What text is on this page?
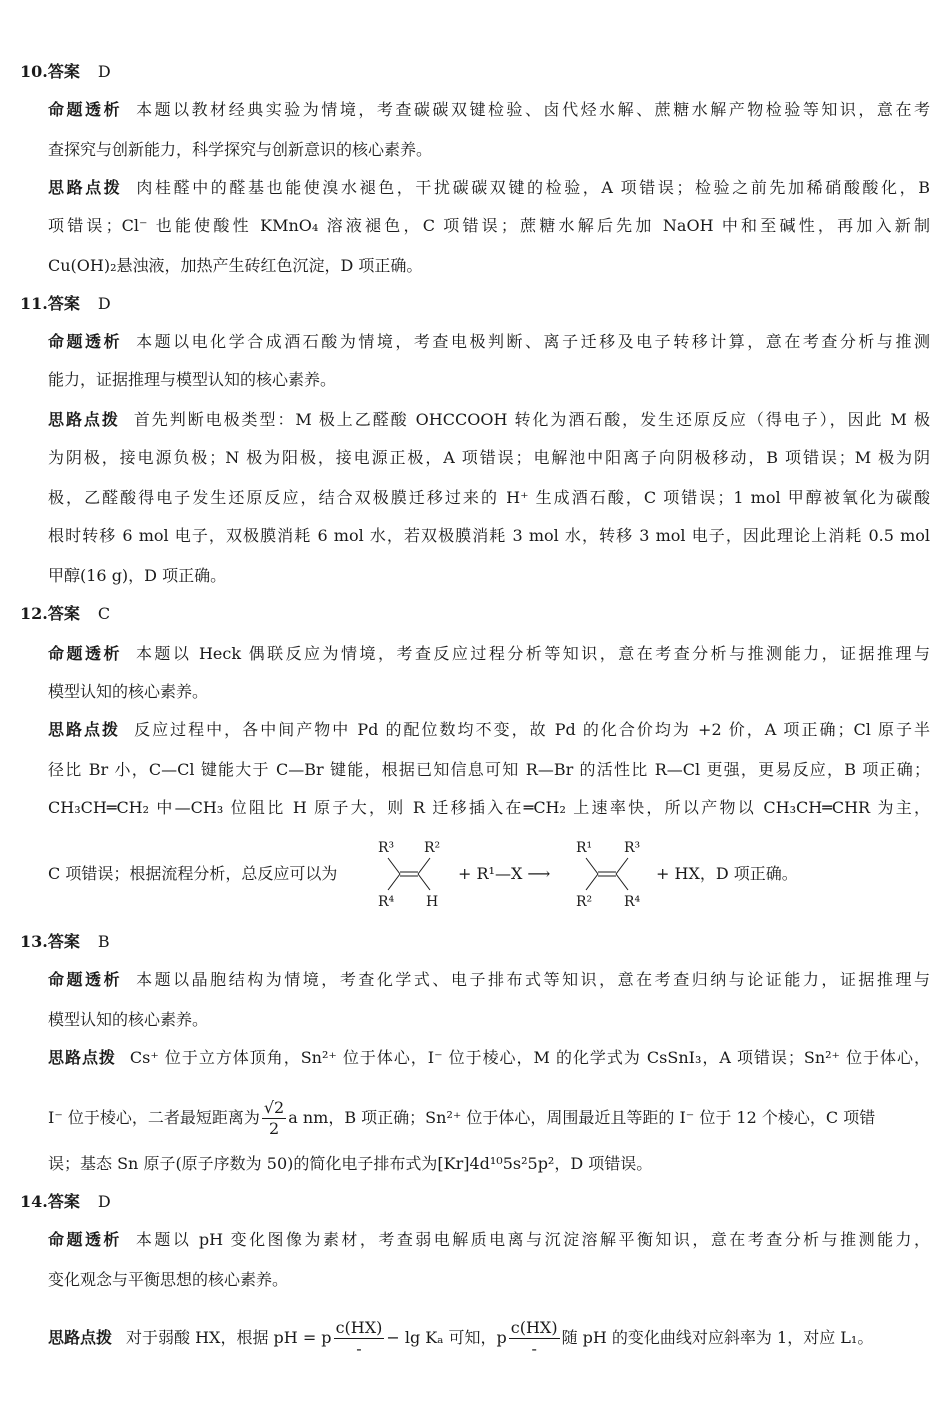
10.答案 D
命题透析 本题以教材经典实验为情境，考查碳碳双键检验、卤代烃水解、蔗糖水解产物检验等知识，意在考
查探究与创新能力，科学探究与创新意识的核心素养。
思路点拨 肉桂醛中的醛基也能使溴水褪色，干扰碳碳双键的检验，A 项错误；检验之前先加稀硝酸酸化，B
项错误；Cl⁻ 也能使酸性 KMnO₄ 溶液褪色，C 项错误；蔗糖水解后先加 NaOH 中和至碱性，再加入新制
Cu(OH)₂悬浊液，加热产生砖红色沉淀，D 项正确。
11.答案 D
命题透析 本题以电化学合成酒石酸为情境，考查电极判断、离子迁移及电子转移计算，意在考查分析与推测
能力，证据推理与模型认知的核心素养。
思路点拨 首先判断电极类型：M 极上乙醛酸 OHCCOOH 转化为酒石酸，发生还原反应（得电子），因此 M 极
为阴极，接电源负极；N 极为阳极，接电源正极，A 项错误；电解池中阳离子向阴极移动，B 项错误；M 极为阴
极，乙醛酸得电子发生还原反应，结合双极膜迁移过来的 H⁺ 生成酒石酸，C 项错误；1 mol 甲醇被氧化为碳酸
根时转移 6 mol 电子，双极膜消耗 6 mol 水，若双极膜消耗 3 mol 水，转移 3 mol 电子，因此理论上消耗 0.5 mol
甲醇(16 g)，D 项正确。
12.答案 C
命题透析 本题以 Heck 偶联反应为情境，考查反应过程分析等知识，意在考查分析与推测能力，证据推理与
模型认知的核心素养。
思路点拨 反应过程中，各中间产物中 Pd 的配位数均不变，故 Pd 的化合价均为 +2 价，A 项正确；Cl 原子半
径比 Br 小，C—Cl 键能大于 C—Br 键能，根据已知信息可知 R—Br 的活性比 R—Cl 更强，更易反应，B 项正确；
CH₃CH═CH₂ 中—CH₃ 位阻比 H 原子大，则 R 迁移插入在═CH₂ 上速率快，所以产物以 CH₃CH═CHR 为主，
C 项错误；根据流程分析，总反应可以为
R³ R²
R⁴ H
+ R¹—X ⟶
R¹ R³
R² R⁴
+ HX，D 项正确。
13.答案 B
命题透析 本题以晶胞结构为情境，考查化学式、电子排布式等知识，意在考查归纳与论证能力，证据推理与
模型认知的核心素养。
思路点拨 Cs⁺ 位于立方体顶角，Sn²⁺ 位于体心，I⁻ 位于棱心，M 的化学式为 CsSnI₃，A 项错误；Sn²⁺ 位于体心，
I⁻ 位于棱心，二者最短距离为 $\frac{√2}{2}$ a nm，B 项正确；Sn²⁺ 位于体心，周围最近且等距的 I⁻ 位于 12 个棱心，C 项错
误；基态 Sn 原子(原子序数为 50)的简化电子排布式为[Kr]4d¹⁰5s²5p²，D 项错误。
14.答案 D
命题透析 本题以 pH 变化图像为素材，考查弱电解质电离与沉淀溶解平衡知识，意在考查分析与推测能力，
变化观念与平衡思想的核心素养。
思路点拨 对于弱酸 HX，根据 pH = p $\frac{c(HX)}{-} - \lg K_a$ 可知，p $\frac{c(HX)}{-}$ 随 pH 的变化曲线对应斜率为 1，对应 L₁。
